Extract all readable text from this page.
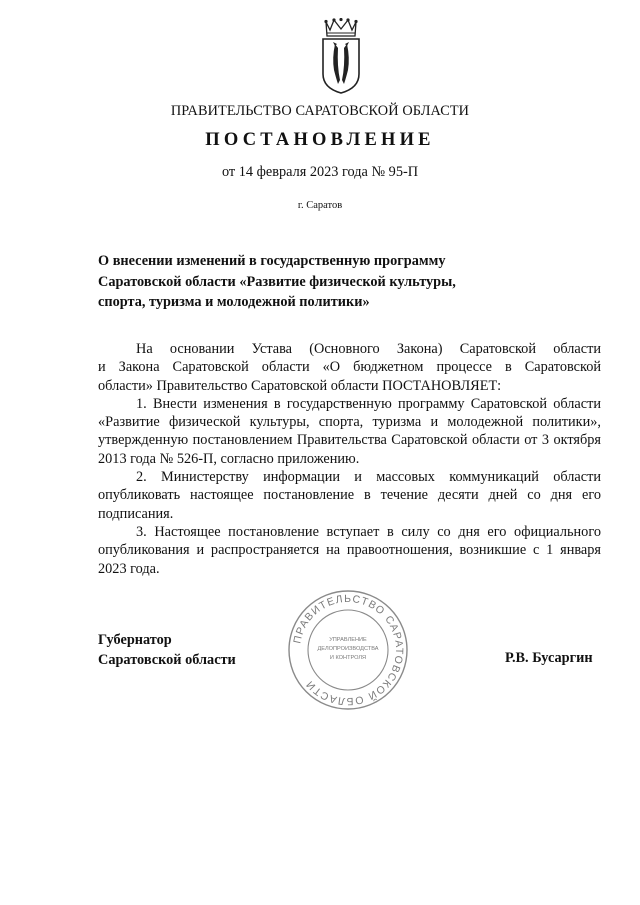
ПРАВИТЕЛЬСТВО САРАТОВСКОЙ ОБЛАСТИ
ПОСТАНОВЛЕНИЕ
от 14 февраля 2023 года № 95-П
г. Саратов
О внесении изменений в государственную программу
Саратовской области «Развитие физической культуры,
спорта, туризма и молодежной политики»

На основании Устава (Основного Закона) Саратовской области
и Закона Саратовской области «О бюджетном процессе в Саратовской
области» Правительство Саратовской области ПОСТАНОВЛЯЕТ:

1. Внести изменения в государственную программу Саратовской области
«Развитие физической культуры, спорта, туризма и молодежной политики»,
утвержденную постановлением Правительства Саратовской области от 3 октября
2013 года № 526-П, согласно приложению.

2. Министерству информации и массовых коммуникаций области
опубликовать настоящее постановление в течение десяти дней со дня его
подписания.

3. Настоящее постановление вступает в силу со дня его официального
опубликования и распространяется на правоотношения, возникшие с 1 января
2023 года.

Губернатор
Саратовской области
ПРАВИТЕЛЬСТВО САРАТОВСКОЙ ОБЛАСТИ
УПРАВЛЕНИЕ
ДЕЛОПРОИЗВОДСТВА
И КОНТРОЛЯ	Р.В. Бусаргин
